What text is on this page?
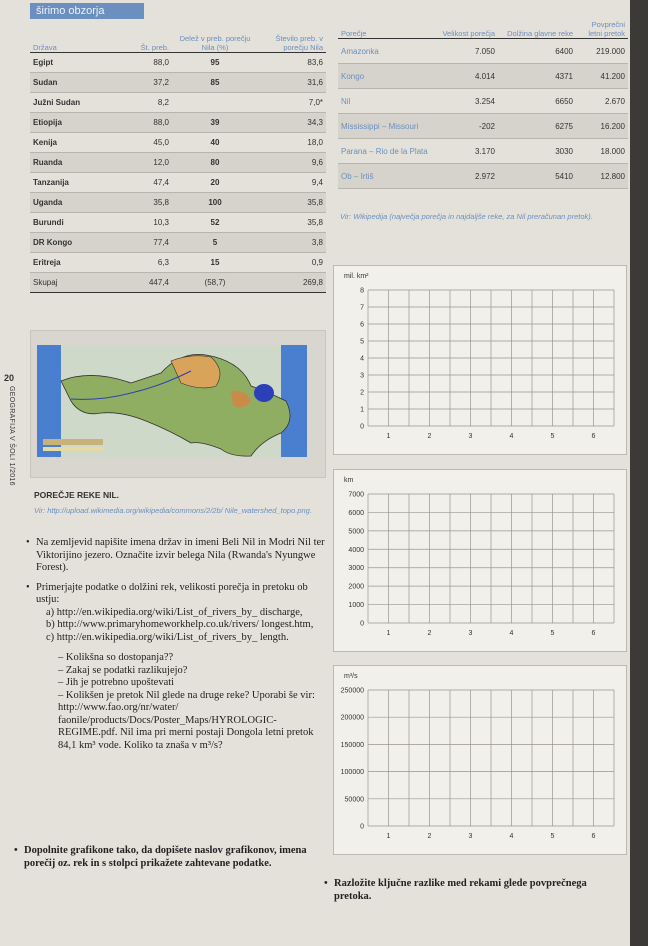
širimo obzorja
20
GEOGRAFIJA V ŠOLI 1/2016
Država	Št. preb.	Delež v preb. porečju Nila (%)	Število preb. v porečju Nila
Egipt	88,0	95	83,6
Sudan	37,2	85	31,6
Južni Sudan	8,2		7,0*
Etiopija	88,0	39	34,3
Kenija	45,0	40	18,0
Ruanda	12,0	80	9,6
Tanzanija	47,4	20	9,4
Uganda	35,8	100	35,8
Burundi	10,3	52	35,8
DR Kongo	77,4	5	3,8
Eritreja	6,3	15	0,9
Skupaj	447,4	(58,7)	269,8
Porečje	Velikost porečja	Dolžina glavne reke	Povprečni letni pretok
Amazonka	7.050	6400	219.000
Kongo	4.014	4371	41.200
Nil	3.254	6650	2.670
Mississippi – Missouri	-202	6275	16.200
Parana – Rio de la Plata	3.170	3030	18.000
Ob – Irtiš	2.972	5410	12.800
Vir: Wikipedija (največja porečja in najdaljše reke, za Nil preračunan pretok).
POREČJE REKE NIL.
Vir: http://upload.wikimedia.org/wikipedia/commons/2/2b/ Nile_watershed_topo.png.
• Na zemljevid napišite imena držav in imeni Beli Nil in Modri Nil ter Viktorijino jezero. Označite izvir belega Nila (Rwanda's Nyungwe Forest).
• Primerjajte podatke o dolžini rek, velikosti porečja in pretoku ob ustju:
a) http://en.wikipedia.org/wiki/List_of_rivers_by_ discharge,
b) http://www.primaryhomeworkhelp.co.uk/rivers/ longest.htm,
c) http://en.wikipedia.org/wiki/List_of_rivers_by_ length.
– Kolikšna so dostopanja??
– Zakaj se podatki razlikujejo?
– Jih je potrebno upoštevati
– Kolikšen je pretok Nil glede na druge reke? Uporabi še vir: http://www.fao.org/nr/water/ faonile/products/Docs/Poster_Maps/HYROLOGIC- REGIME.pdf. Nil ima pri merni postaji Dongola letni pretok 84,1 km³ vode. Koliko ta znaša v m³/s?
• Dopolnite grafikone tako, da dopišete naslov grafikonov, imena porečij oz. rek in s stolpci prikažete zahtevane podatke.
• Razložite ključne razlike med rekami glede povprečnega pretoka.
mil. km²
0
1
2
3
4
5
6
7
8
1	2	3	4	5	6
km
0
1000
2000
3000
4000
5000
6000
7000
1	2	3	4	5	6
m³/s
0
50000
100000
150000
200000
250000
1	2	3	4	5	6
